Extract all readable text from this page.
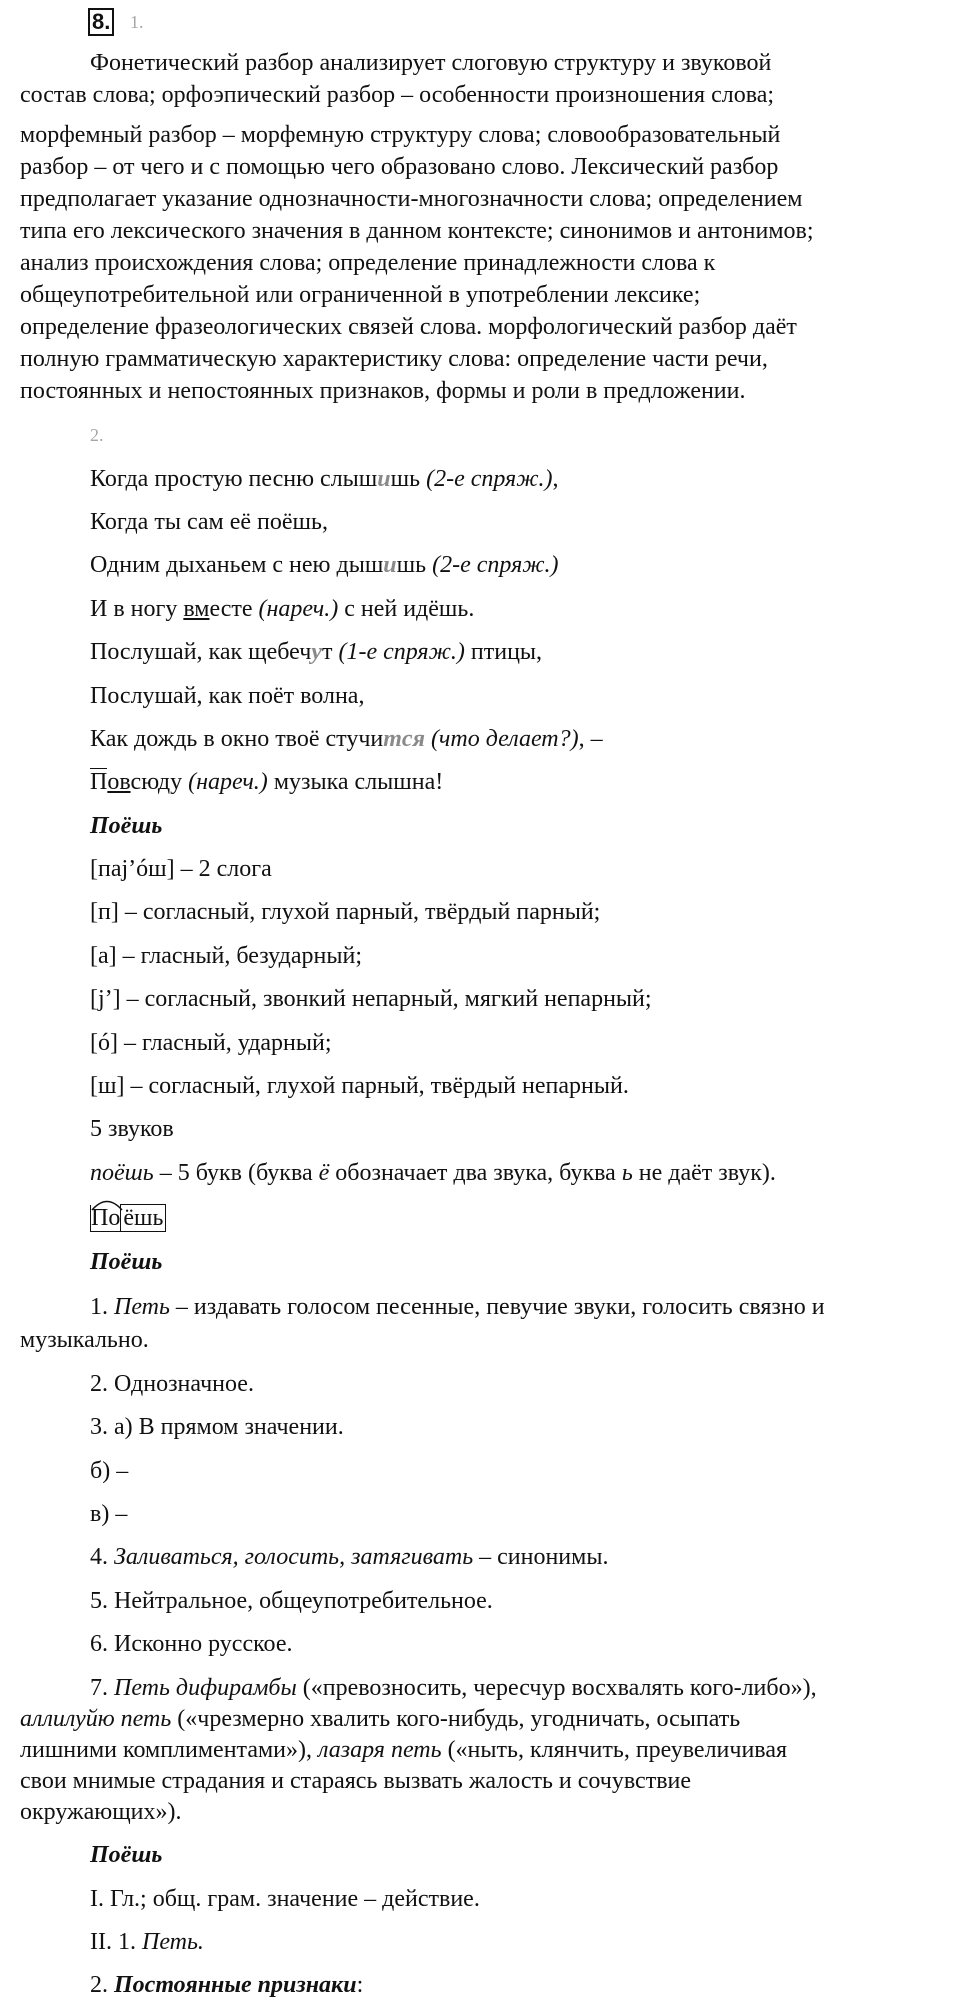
8. 1.
Фонетический разбор анализирует слоговую структуру и звуковой
состав слова; орфоэпический разбор – особенности произношения слова;
морфемный разбор – морфемную структуру слова; словообразовательный
разбор – от чего и с помощью чего образовано слово. Лексический разбор
предполагает указание однозначности-многозначности слова; определением
типа его лексического значения в данном контексте; синонимов и антонимов;
анализ происхождения слова; определение принадлежности слова к
общеупотребительной или ограниченной в употреблении лексике;
определение фразеологических связей слова. морфологический разбор даёт
полную грамматическую характеристику слова: определение части речи,
постоянных и непостоянных признаков, формы и роли в предложении.
2.
Когда простую песню слышишь (2-е спряж.),
Когда ты сам её поёшь,
Одним дыханьем с нею дышишь (2-е спряж.)
И в ногу вместе (нареч.) с ней идёшь.
Послушай, как щебечут (1-е спряж.) птицы,
Послушай, как поёт волна,
Как дождь в окно твоё стучится (что делает?), –
Повсюду (нареч.) музыка слышна!
Поёшь
[паj’óш] – 2 слога
[п] – согласный, глухой парный, твёрдый парный;
[а] – гласный, безударный;
[j’] – согласный, звонкий непарный, мягкий непарный;
[ó] – гласный, ударный;
[ш] – согласный, глухой парный, твёрдый непарный.
5 звуков
поёшь – 5 букв (буква ё обозначает два звука, буква ь не даёт звук).
По ёшь
Поёшь
1. Петь – издавать голосом песенные, певучие звуки, голосить связно и
музыкально.
2. Однозначное.
3. а) В прямом значении.
б) –
в) –
4. Заливаться, голосить, затягивать – синонимы.
5. Нейтральное, общеупотребительное.
6. Исконно русское.
7. Петь дифирамбы («превозносить, чересчур восхвалять кого-либо»),
аллилуйю петь («чрезмерно хвалить кого-нибудь, угодничать, осыпать
лишними комплиментами»), лазаря петь («ныть, клянчить, преувеличивая
свои мнимые страдания и стараясь вызвать жалость и сочувствие
окружающих»).
Поёшь
I. Гл.; общ. грам. значение – действие.
II. 1. Петь.
2. Постоянные признаки:
